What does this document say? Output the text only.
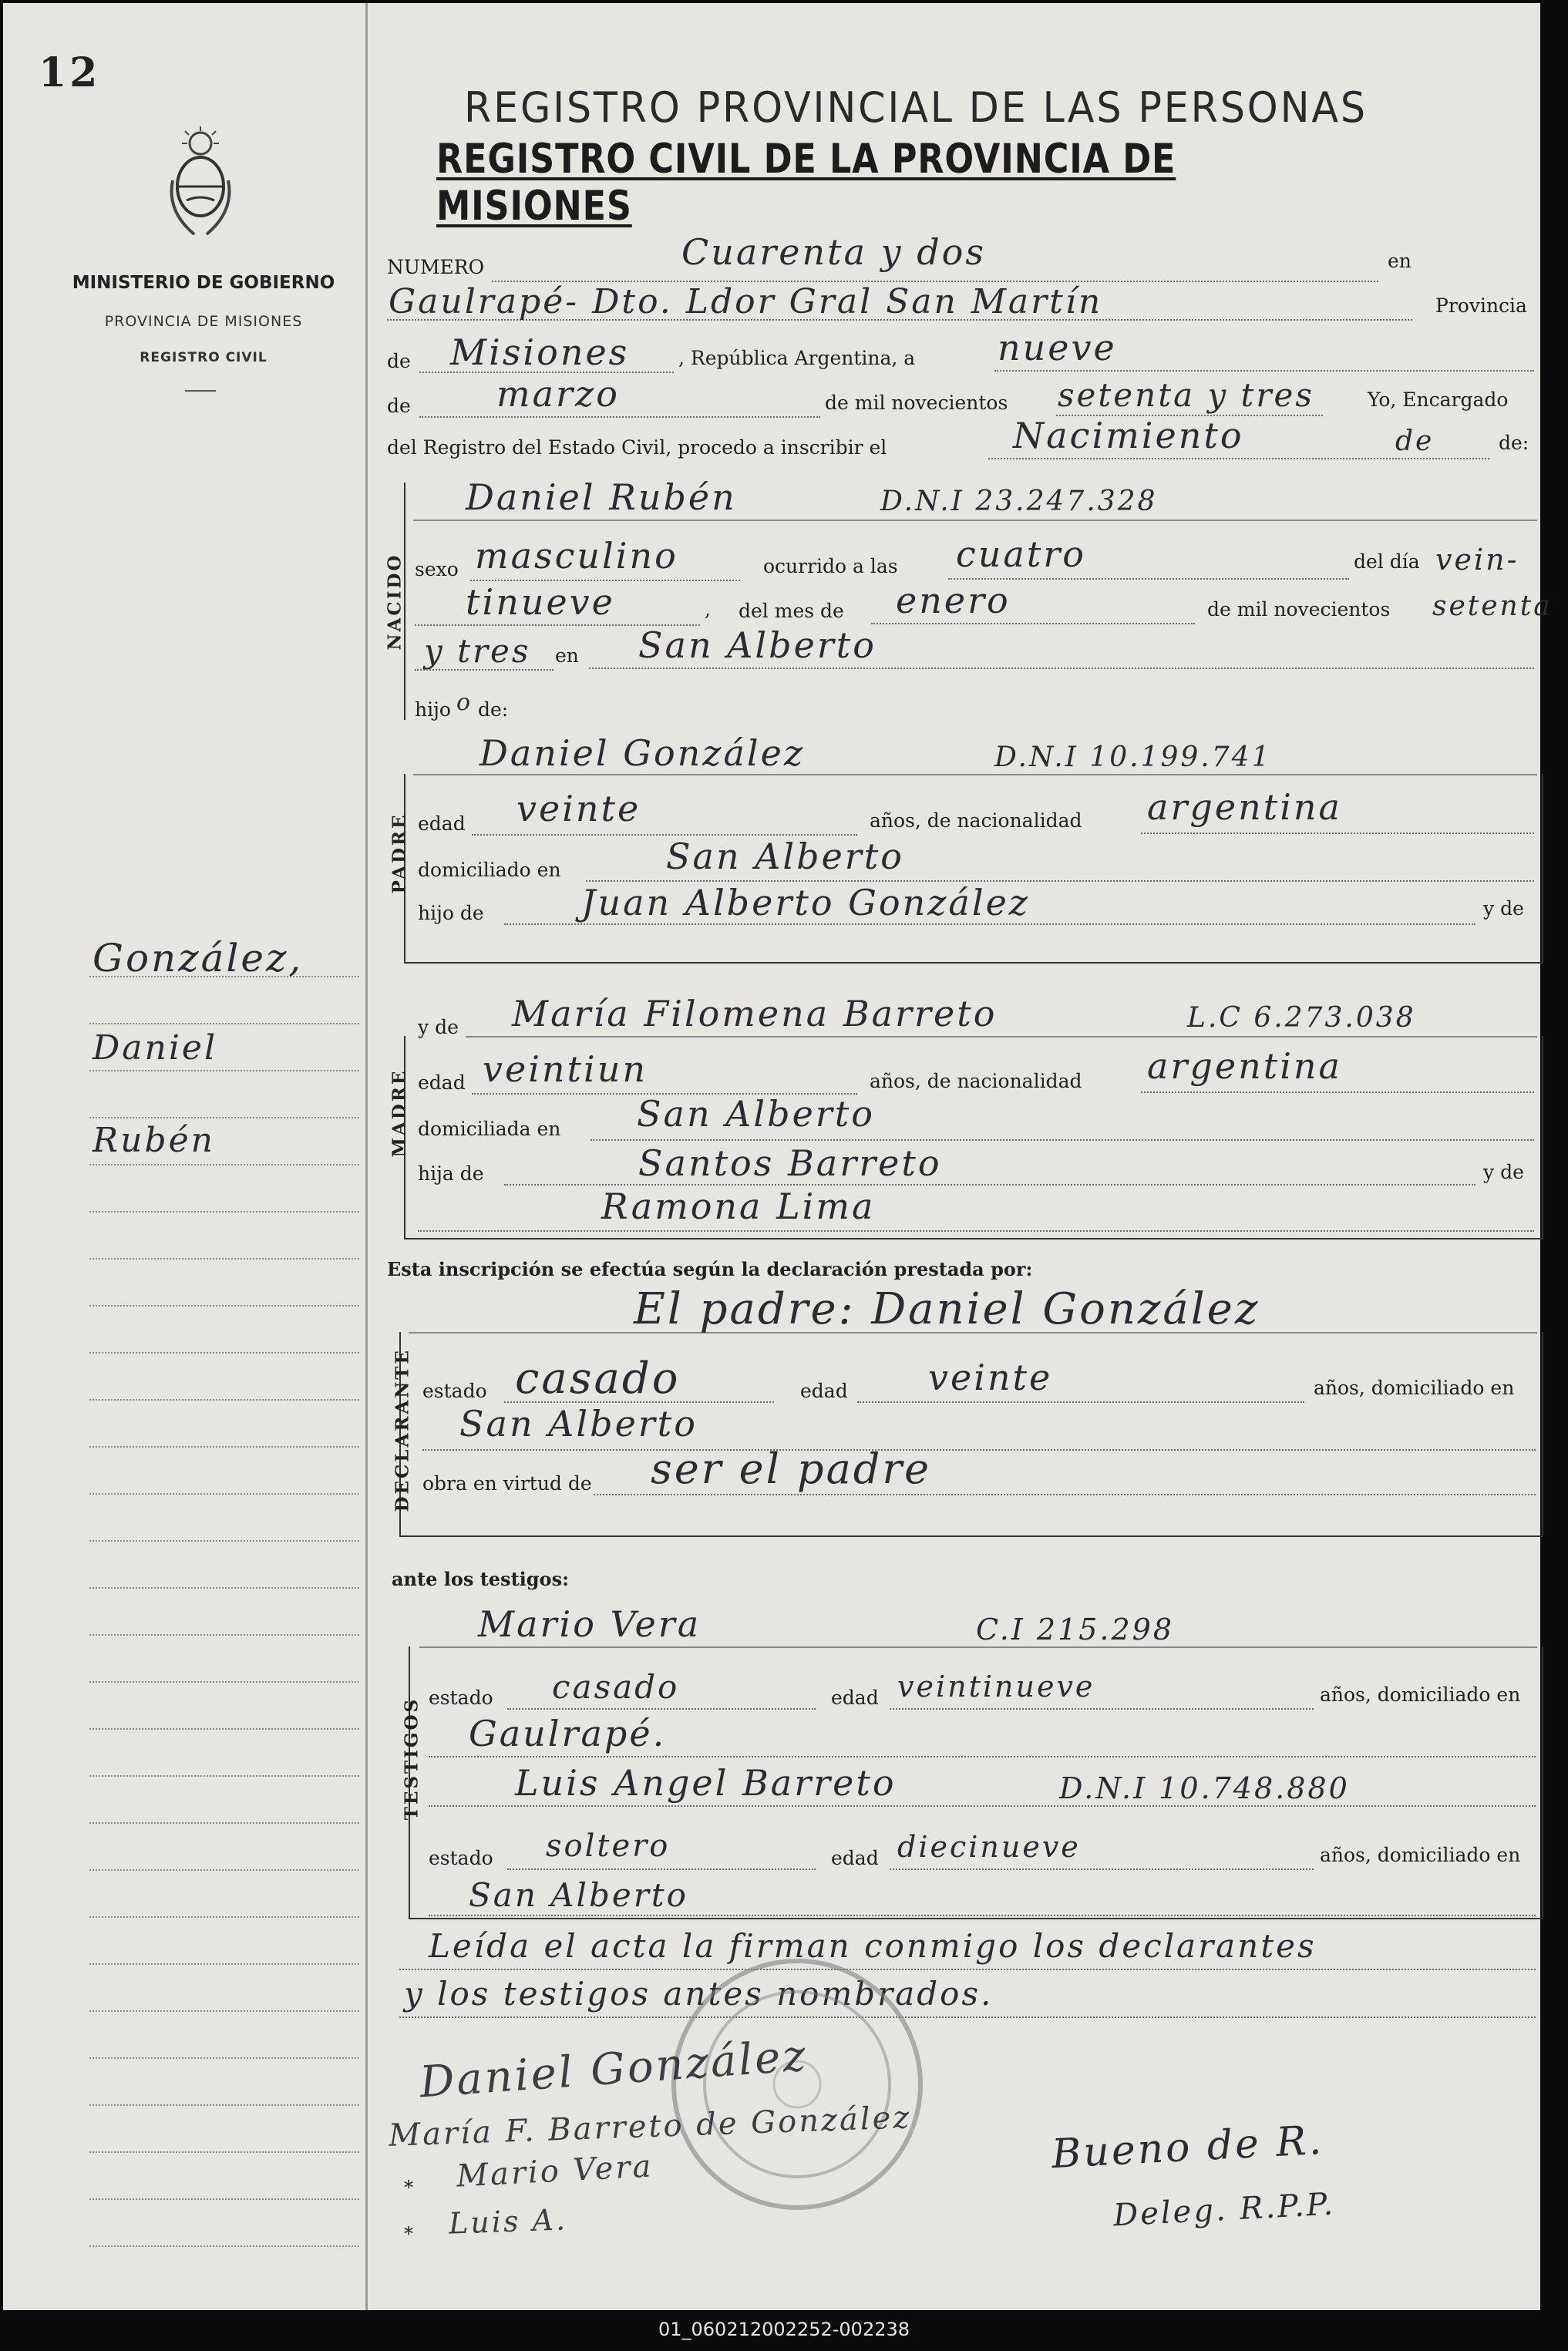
12
MINISTERIO DE GOBIERNO
PROVINCIA DE MISIONES
REGISTRO CIVIL
González,
Daniel
Rubén
REGISTRO PROVINCIAL DE LAS PERSONAS
REGISTRO CIVIL DE LA PROVINCIA DE MISIONES
NUMERO	Cuarenta y dos	en
Gaulrapé- Dto. Ldor Gral San Martín	Provincia
de Misiones	, República Argentina, a nueve
de marzo	de mil novecientos setenta y tres	Yo, Encargado
del Registro del Estado Civil, procedo a inscribir el	Nacimiento	de	de:
NACIDO
Daniel Rubén	D.N.I 23.247.328
sexo masculino	ocurrido a las cuatro	del día vein-
tinueve	, del mes de enero	de mil novecientos setenta
y tres en San Alberto
hijo o de:
PADRE
Daniel González	D.N.I 10.199.741
edad veinte	años, de nacionalidad argentina
domiciliado en	San Alberto
hijo de	Juan Alberto González	y de
MADRE
y de María Filomena Barreto	L.C 6.273.038
edad veintiun	años, de nacionalidad argentina
domiciliada en San Alberto
hija de	Santos Barreto	y de
Ramona Lima
Esta inscripción se efectúa según la declaración prestada por:
DECLARANTE
El padre: Daniel González
estado casado	edad veinte	años, domiciliado en
San Alberto
obra en virtud de ser el padre
ante los testigos:
TESTIGOS
Mario Vera	C.I 215.298
estado casado	edad veintinueve	años, domiciliado en
Gaulrapé.
Luis Angel Barreto	D.N.I 10.748.880
estado soltero	edad diecinueve	años, domiciliado en
San Alberto
Leída el acta la firman conmigo los declarantes
y los testigos antes nombrados.
Daniel González
María F. Barreto de González
* Mario Vera
* Luis A.
Bueno de R.
Deleg. R.P.P.
01_060212002252-002238
